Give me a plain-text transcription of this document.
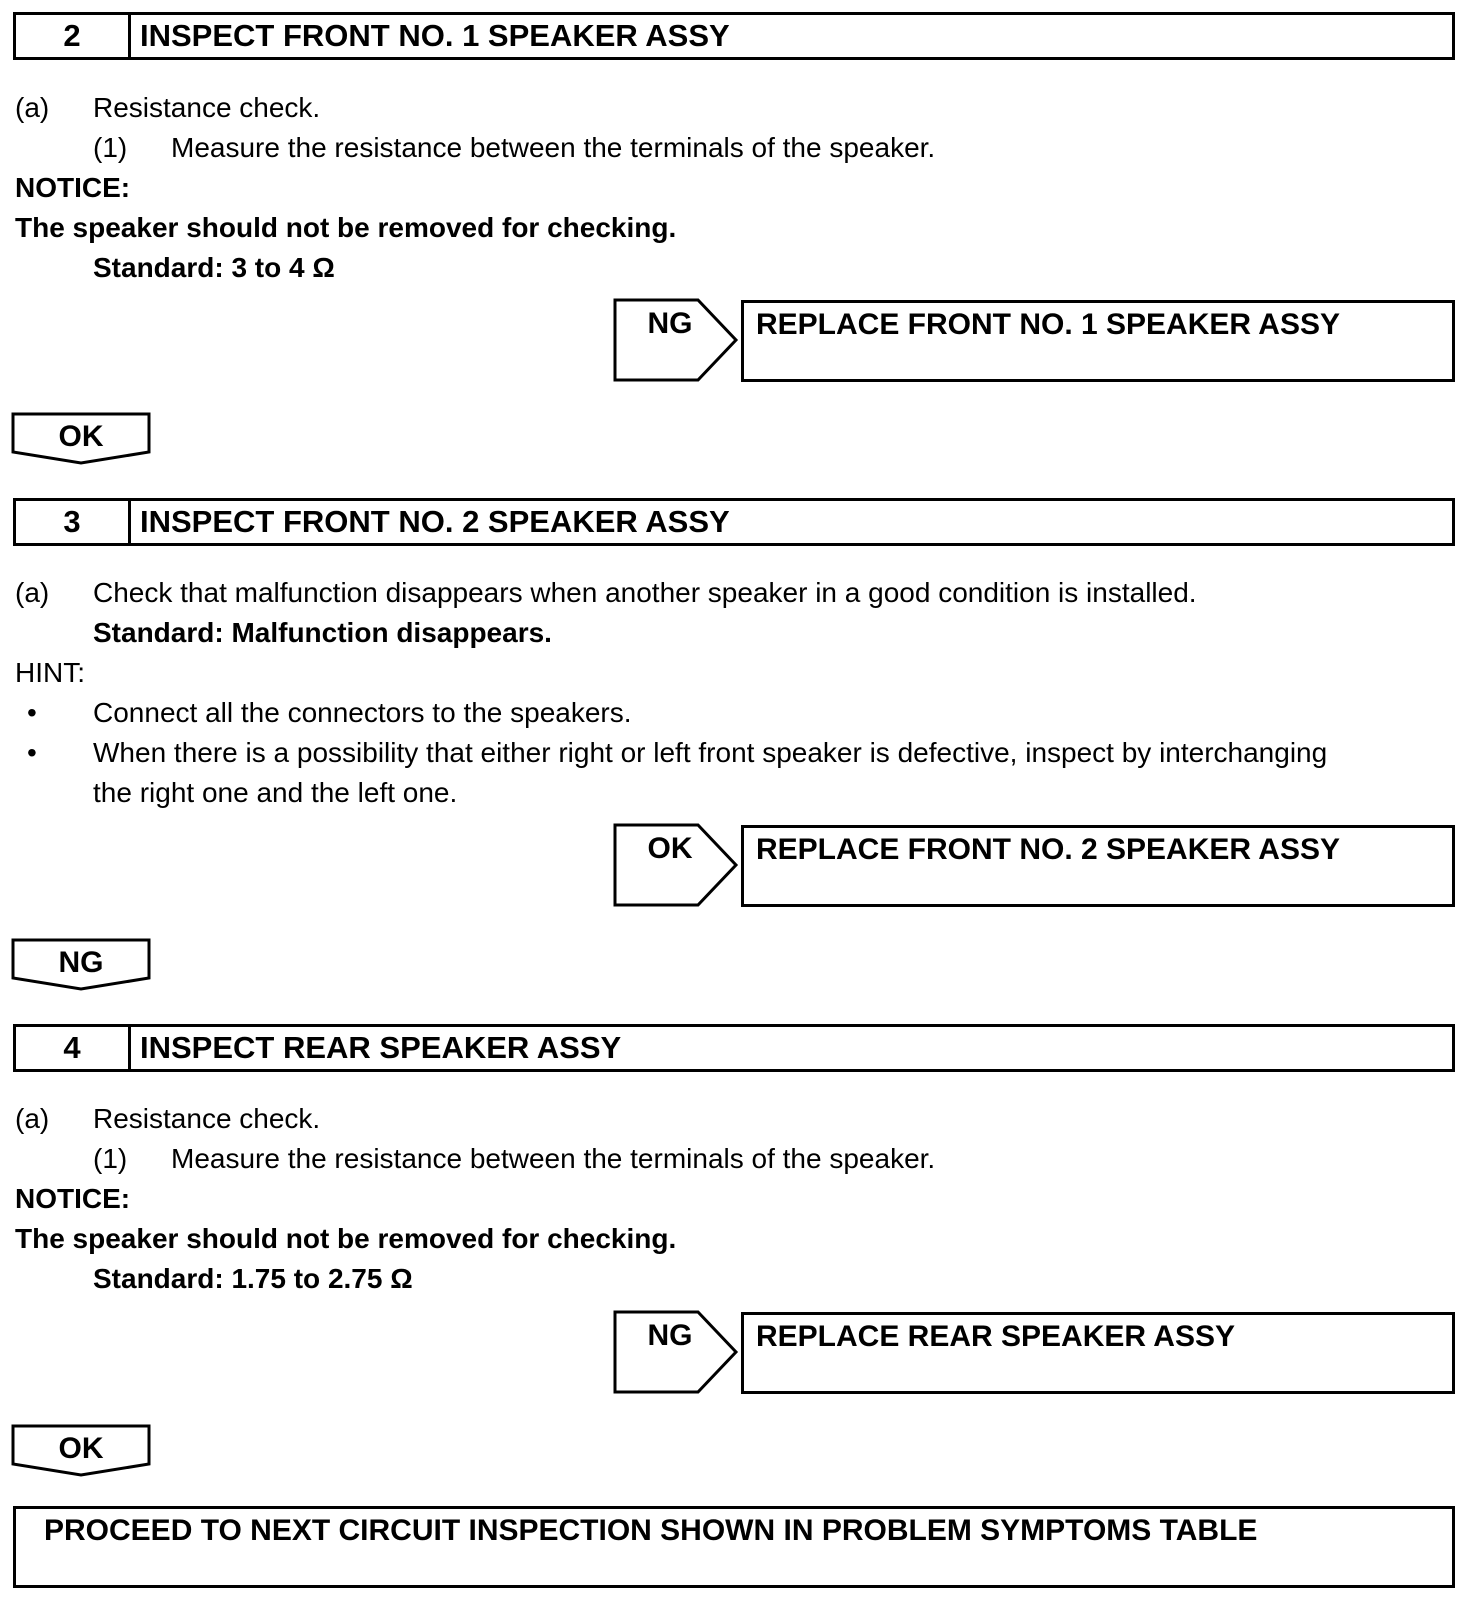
2	INSPECT FRONT NO. 1 SPEAKER ASSY
(a) Resistance check.
(1) Measure the resistance between the terminals of the speaker.
NOTICE:
The speaker should not be removed for checking.
Standard: 3 to 4 Ω
NG	REPLACE FRONT NO. 1 SPEAKER ASSY
OK
3	INSPECT FRONT NO. 2 SPEAKER ASSY
(a) Check that malfunction disappears when another speaker in a good condition is installed.
Standard: Malfunction disappears.
HINT:
• Connect all the connectors to the speakers.
• When there is a possibility that either right or left front speaker is defective, inspect by interchanging
the right one and the left one.
OK	REPLACE FRONT NO. 2 SPEAKER ASSY
NG
4	INSPECT REAR SPEAKER ASSY
(a) Resistance check.
(1) Measure the resistance between the terminals of the speaker.
NOTICE:
The speaker should not be removed for checking.
Standard: 1.75 to 2.75 Ω
NG	REPLACE REAR SPEAKER ASSY
OK
PROCEED TO NEXT CIRCUIT INSPECTION SHOWN IN PROBLEM SYMPTOMS TABLE
